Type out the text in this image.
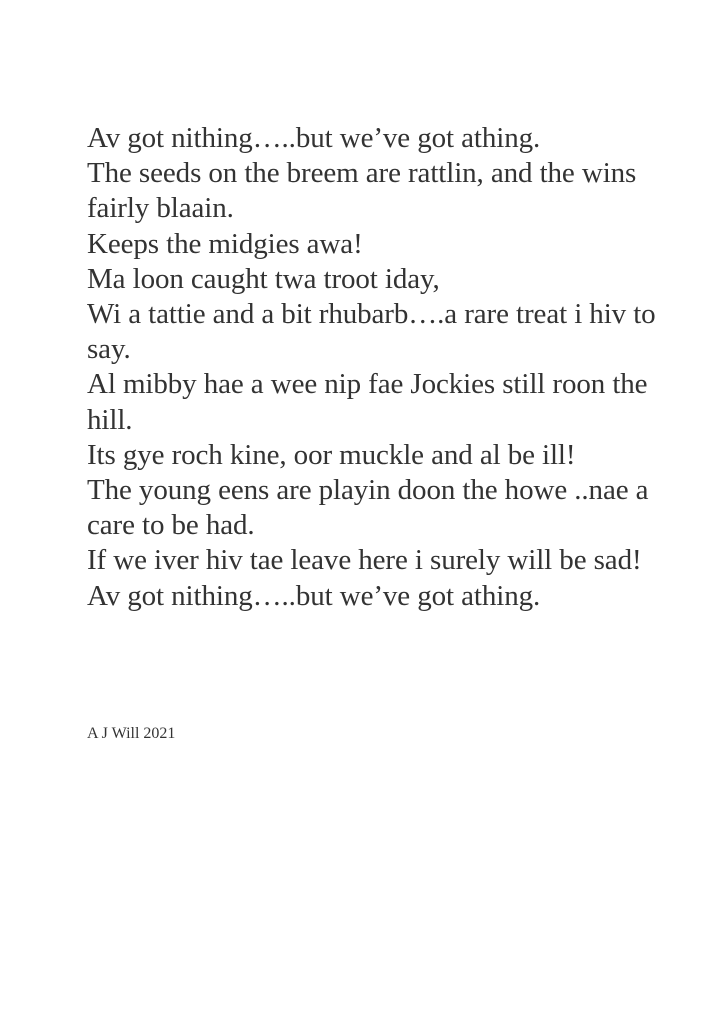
Av got nithing…..but we’ve got athing.
The seeds on the breem are rattlin, and the wins fairly blaain.
Keeps the midgies awa!
Ma loon caught twa troot iday,
Wi a tattie and a bit rhubarb….a rare treat i hiv to say.
Al mibby hae a wee nip fae Jockies still roon the hill.
Its gye roch kine, oor muckle and al be ill!
The young eens are playin doon the howe ..nae a care to be had.
If we iver hiv tae leave here i surely will be sad!
Av got nithing…..but we’ve got athing.
A J Will 2021
